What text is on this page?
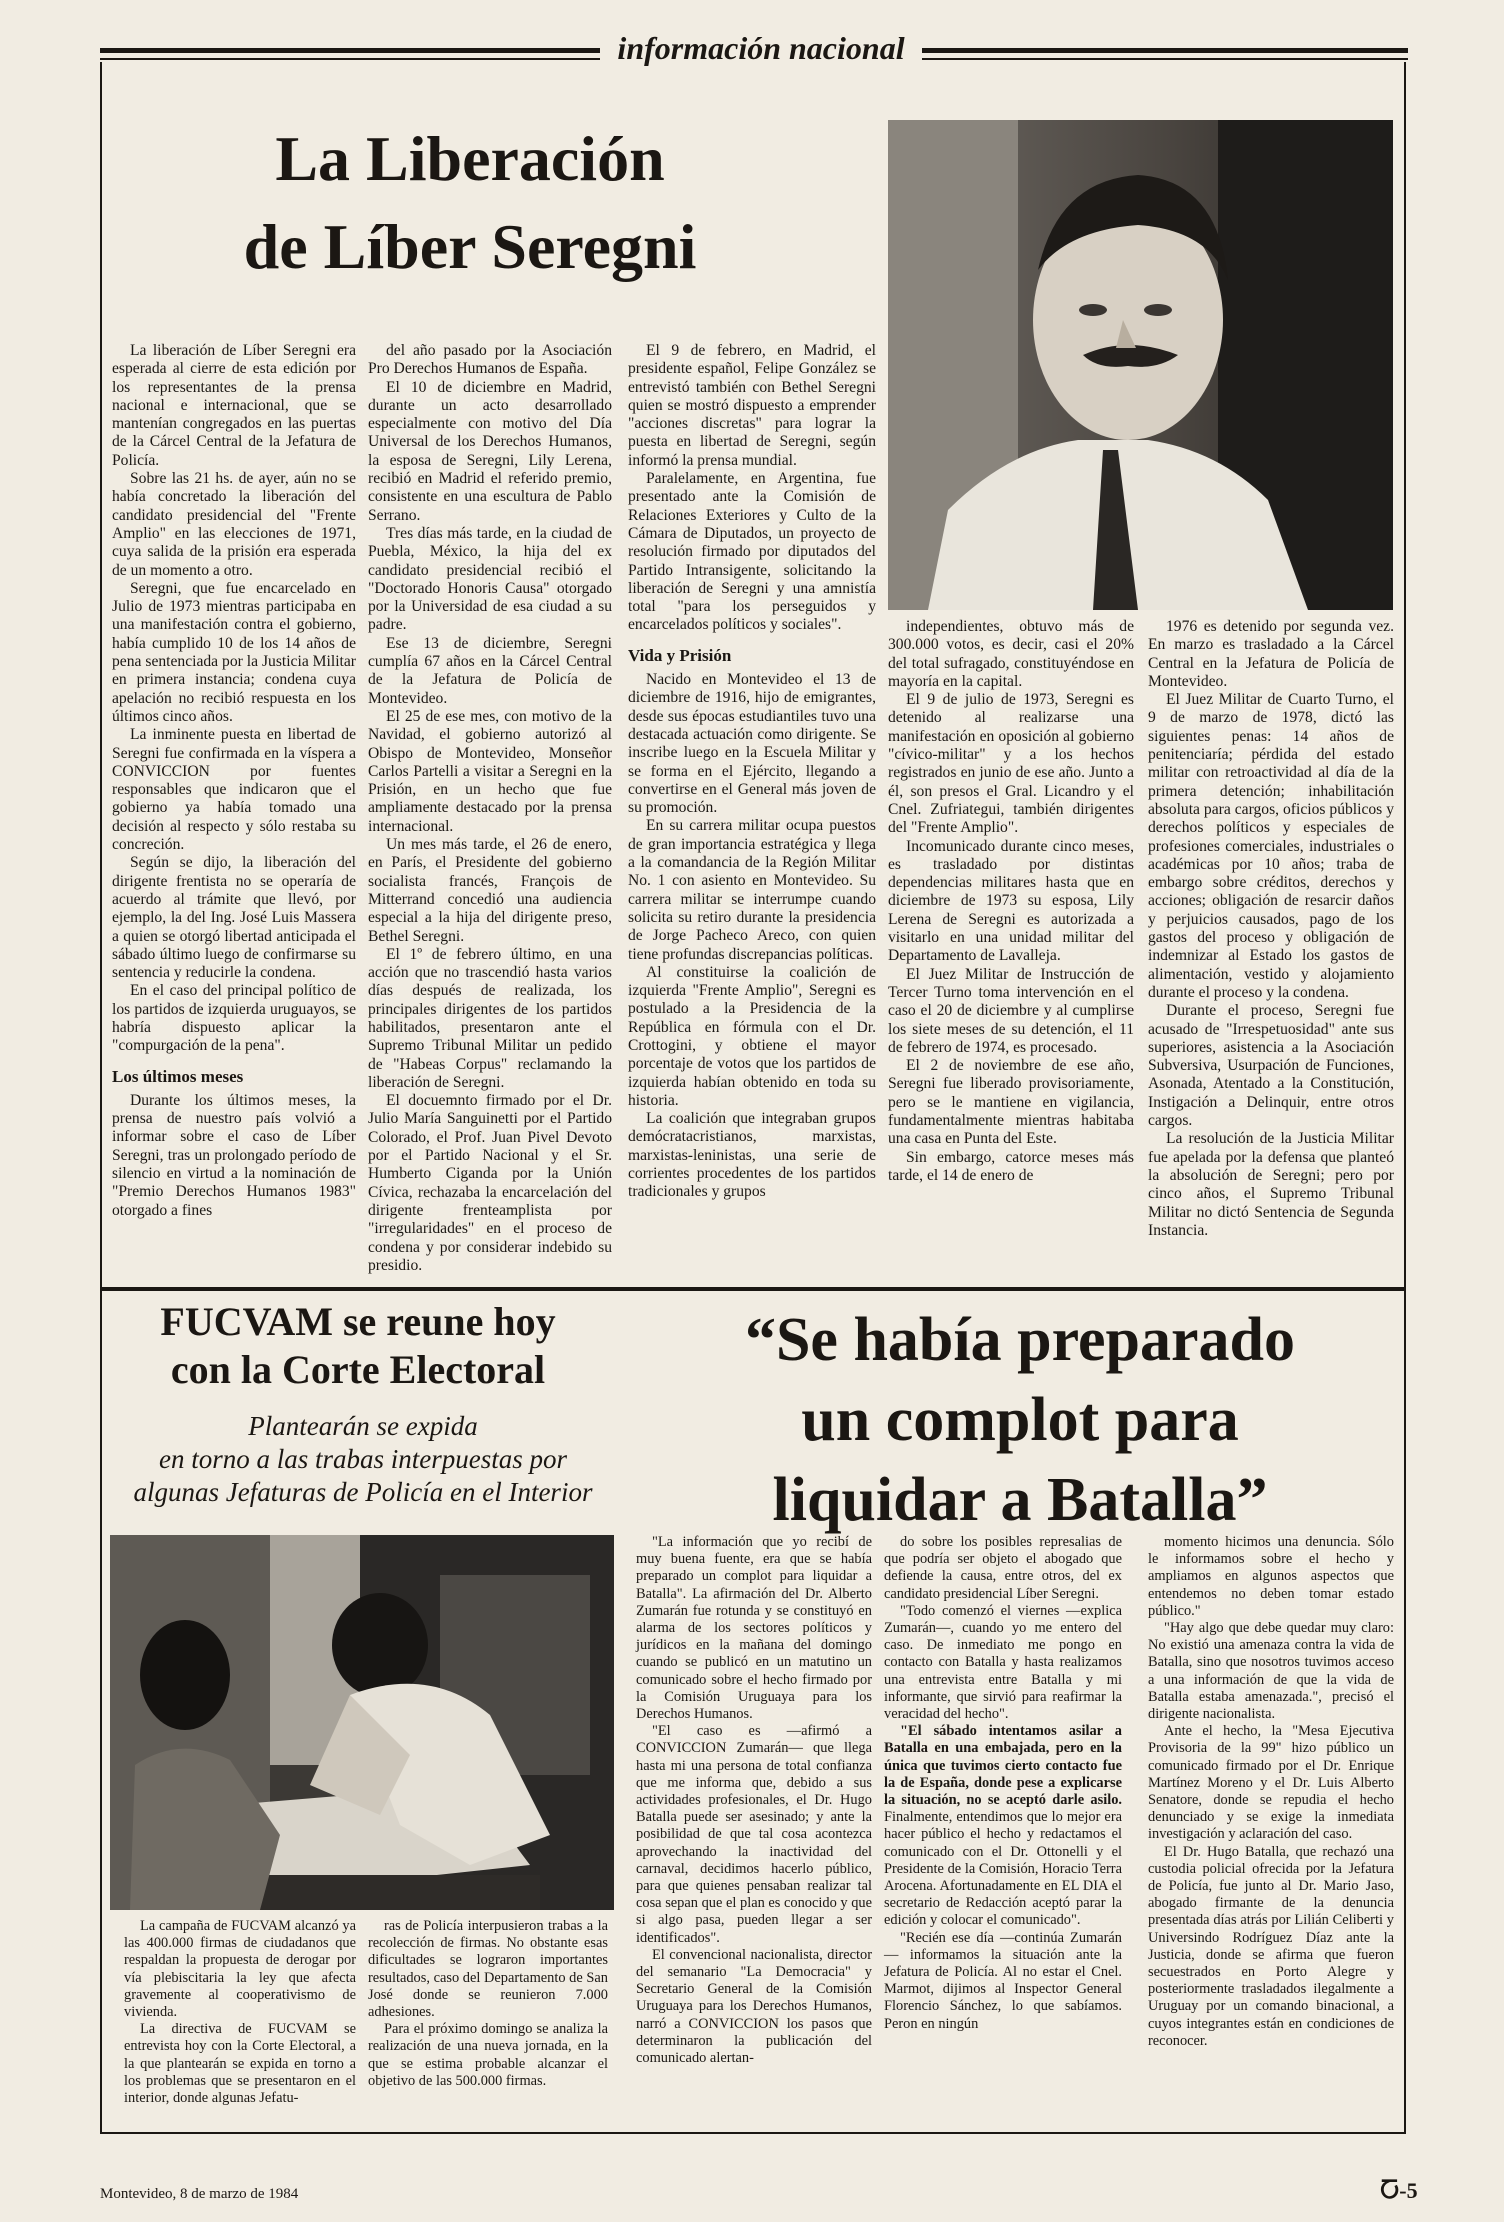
información nacional
La Liberación
de Líber Seregni

La liberación de Líber Seregni era esperada al cierre de esta edición por los representantes de la prensa nacional e internacional, que se mantenían congregados en las puertas de la Cárcel Central de la Jefatura de Policía.

Sobre las 21 hs. de ayer, aún no se había concretado la liberación del candidato presidencial del "Frente Amplio" en las elecciones de 1971, cuya salida de la prisión era esperada de un momento a otro.

Seregni, que fue encarcelado en Julio de 1973 mientras participaba en una manifestación contra el gobierno, había cumplido 10 de los 14 años de pena sentenciada por la Justicia Militar en primera instancia; condena cuya apelación no recibió respuesta en los últimos cinco años.

La inminente puesta en libertad de Seregni fue confirmada en la víspera a CONVICCION por fuentes responsables que indicaron que el gobierno ya había tomado una decisión al respecto y sólo restaba su concreción.

Según se dijo, la liberación del dirigente frentista no se operaría de acuerdo al trámite que llevó, por ejemplo, la del Ing. José Luis Massera a quien se otorgó libertad anticipada el sábado último luego de confirmarse su sentencia y reducirle la condena.

En el caso del principal político de los partidos de izquierda uruguayos, se habría dispuesto aplicar la "compurgación de la pena".

Los últimos meses

Durante los últimos meses, la prensa de nuestro país volvió a informar sobre el caso de Líber Seregni, tras un prolongado período de silencio en virtud a la nominación de "Premio Derechos Humanos 1983" otorgado a fines

del año pasado por la Asociación Pro Derechos Humanos de España.

El 10 de diciembre en Madrid, durante un acto desarrollado especialmente con motivo del Día Universal de los Derechos Humanos, la esposa de Seregni, Lily Lerena, recibió en Madrid el referido premio, consistente en una escultura de Pablo Serrano.

Tres días más tarde, en la ciudad de Puebla, México, la hija del ex candidato presidencial recibió el "Doctorado Honoris Causa" otorgado por la Universidad de esa ciudad a su padre.

Ese 13 de diciembre, Seregni cumplía 67 años en la Cárcel Central de la Jefatura de Policía de Montevideo.

El 25 de ese mes, con motivo de la Navidad, el gobierno autorizó al Obispo de Montevideo, Monseñor Carlos Partelli a visitar a Seregni en la Prisión, en un hecho que fue ampliamente destacado por la prensa internacional.

Un mes más tarde, el 26 de enero, en París, el Presidente del gobierno socialista francés, François de Mitterrand concedió una audiencia especial a la hija del dirigente preso, Bethel Seregni.

El 1º de febrero último, en una acción que no trascendió hasta varios días después de realizada, los principales dirigentes de los partidos habilitados, presentaron ante el Supremo Tribunal Militar un pedido de "Habeas Corpus" reclamando la liberación de Seregni.

El docuemnto firmado por el Dr. Julio María Sanguinetti por el Partido Colorado, el Prof. Juan Pivel Devoto por el Partido Nacional y el Sr. Humberto Ciganda por la Unión Cívica, rechazaba la encarcelación del dirigente frenteamplista por "irregularidades" en el proceso de condena y por considerar indebido su presidio.

El 9 de febrero, en Madrid, el presidente español, Felipe González se entrevistó también con Bethel Seregni quien se mostró dispuesto a emprender "acciones discretas" para lograr la puesta en libertad de Seregni, según informó la prensa mundial.

Paralelamente, en Argentina, fue presentado ante la Comisión de Relaciones Exteriores y Culto de la Cámara de Diputados, un proyecto de resolución firmado por diputados del Partido Intransigente, solicitando la liberación de Seregni y una amnistía total "para los perseguidos y encarcelados políticos y sociales".

Vida y Prisión

Nacido en Montevideo el 13 de diciembre de 1916, hijo de emigrantes, desde sus épocas estudiantiles tuvo una destacada actuación como dirigente. Se inscribe luego en la Escuela Militar y se forma en el Ejército, llegando a convertirse en el General más joven de su promoción.

En su carrera militar ocupa puestos de gran importancia estratégica y llega a la comandancia de la Región Militar No. 1 con asiento en Montevideo. Su carrera militar se interrumpe cuando solicita su retiro durante la presidencia de Jorge Pacheco Areco, con quien tiene profundas discrepancias políticas.

Al constituirse la coalición de izquierda "Frente Amplio", Seregni es postulado a la Presidencia de la República en fórmula con el Dr. Crottogini, y obtiene el mayor porcentaje de votos que los partidos de izquierda habían obtenido en toda su historia.

La coalición que integraban grupos demócratacristianos, marxistas, marxistas-leninistas, una serie de corrientes procedentes de los partidos tradicionales y grupos

independientes, obtuvo más de 300.000 votos, es decir, casi el 20% del total sufragado, constituyéndose en mayoría en la capital.

El 9 de julio de 1973, Seregni es detenido al realizarse una manifestación en oposición al gobierno "cívico-militar" y a los hechos registrados en junio de ese año. Junto a él, son presos el Gral. Licandro y el Cnel. Zufriategui, también dirigentes del "Frente Amplio".

Incomunicado durante cinco meses, es trasladado por distintas dependencias militares hasta que en diciembre de 1973 su esposa, Lily Lerena de Seregni es autorizada a visitarlo en una unidad militar del Departamento de Lavalleja.

El Juez Militar de Instrucción de Tercer Turno toma intervención en el caso el 20 de diciembre y al cumplirse los siete meses de su detención, el 11 de febrero de 1974, es procesado.

El 2 de noviembre de ese año, Seregni fue liberado provisoriamente, pero se le mantiene en vigilancia, fundamentalmente mientras habitaba una casa en Punta del Este.

Sin embargo, catorce meses más tarde, el 14 de enero de

1976 es detenido por segunda vez. En marzo es trasladado a la Cárcel Central en la Jefatura de Policía de Montevideo.

El Juez Militar de Cuarto Turno, el 9 de marzo de 1978, dictó las siguientes penas: 14 años de penitenciaría; pérdida del estado militar con retroactividad al día de la primera detención; inhabilitación absoluta para cargos, oficios públicos y derechos políticos y especiales de profesiones comerciales, industriales o académicas por 10 años; traba de embargo sobre créditos, derechos y acciones; obligación de resarcir daños y perjuicios causados, pago de los gastos del proceso y obligación de indemnizar al Estado los gastos de alimentación, vestido y alojamiento durante el proceso y la condena.

Durante el proceso, Seregni fue acusado de "Irrespetuosidad" ante sus superiores, asistencia a la Asociación Subversiva, Usurpación de Funciones, Asonada, Atentado a la Constitución, Instigación a Delinquir, entre otros cargos.

La resolución de la Justicia Militar fue apelada por la defensa que planteó la absolución de Seregni; pero por cinco años, el Supremo Tribunal Militar no dictó Sentencia de Segunda Instancia.

FUCVAM se reune hoy
con la Corte Electoral
Plantearán se expida
en torno a las trabas interpuestas por
algunas Jefaturas de Policía en el Interior

La campaña de FUCVAM alcanzó ya las 400.000 firmas de ciudadanos que respaldan la propuesta de derogar por vía plebiscitaria la ley que afecta gravemente al cooperativismo de vivienda.

La directiva de FUCVAM se entrevista hoy con la Corte Electoral, a la que plantearán se expida en torno a los problemas que se presentaron en el interior, donde algunas Jefatu-

ras de Policía interpusieron trabas a la recolección de firmas. No obstante esas dificultades se lograron importantes resultados, caso del Departamento de San José donde se reunieron 7.000 adhesiones.

Para el próximo domingo se analiza la realización de una nueva jornada, en la que se estima probable alcanzar el objetivo de las 500.000 firmas.

“Se había preparado
un complot para
liquidar a Batalla”

"La información que yo recibí de muy buena fuente, era que se había preparado un complot para liquidar a Batalla". La afirmación del Dr. Alberto Zumarán fue rotunda y se constituyó en alarma de los sectores políticos y jurídicos en la mañana del domingo cuando se publicó en un matutino un comunicado sobre el hecho firmado por la Comisión Uruguaya para los Derechos Humanos.

"El caso es —afirmó a CONVICCION Zumarán— que llega hasta mi una persona de total confianza que me informa que, debido a sus actividades profesionales, el Dr. Hugo Batalla puede ser asesinado; y ante la posibilidad de que tal cosa acontezca aprovechando la inactividad del carnaval, decidimos hacerlo público, para que quienes pensaban realizar tal cosa sepan que el plan es conocido y que si algo pasa, pueden llegar a ser identificados".

El convencional nacionalista, director del semanario "La Democracia" y Secretario General de la Comisión Uruguaya para los Derechos Humanos, narró a CONVICCION los pasos que determinaron la publicación del comunicado alertan-

do sobre los posibles represalias de que podría ser objeto el abogado que defiende la causa, entre otros, del ex candidato presidencial Líber Seregni.

"Todo comenzó el viernes —explica Zumarán—, cuando yo me entero del caso. De inmediato me pongo en contacto con Batalla y hasta realizamos una entrevista entre Batalla y mi informante, que sirvió para reafirmar la veracidad del hecho".

"El sábado intentamos asilar a Batalla en una embajada, pero en la única que tuvimos cierto contacto fue la de España, donde pese a explicarse la situación, no se aceptó darle asilo. Finalmente, entendimos que lo mejor era hacer público el hecho y redactamos el comunicado con el Dr. Ottonelli y el Presidente de la Comisión, Horacio Terra Arocena. Afortunadamente en EL DIA el secretario de Redacción aceptó parar la edición y colocar el comunicado".

"Recién ese día —continúa Zumarán— informamos la situación ante la Jefatura de Policía. Al no estar el Cnel. Marmot, dijimos al Inspector General Florencio Sánchez, lo que sabíamos. Peron en ningún

momento hicimos una denuncia. Sólo le informamos sobre el hecho y ampliamos en algunos aspectos que entendemos no deben tomar estado público."

"Hay algo que debe quedar muy claro: No existió una amenaza contra la vida de Batalla, sino que nosotros tuvimos acceso a una información de que la vida de Batalla estaba amenazada.", precisó el dirigente nacionalista.

Ante el hecho, la "Mesa Ejecutiva Provisoria de la 99" hizo público un comunicado firmado por el Dr. Enrique Martínez Moreno y el Dr. Luis Alberto Senatore, donde se repudia el hecho denunciado y se exige la inmediata investigación y aclaración del caso.

El Dr. Hugo Batalla, que rechazó una custodia policial ofrecida por la Jefatura de Policía, fue junto al Dr. Mario Jaso, abogado firmante de la denuncia presentada días atrás por Lilián Celiberti y Universindo Rodríguez Díaz ante la Justicia, donde se afirma que fueron secuestrados en Porto Alegre y posteriormente trasladados ilegalmente a Uruguay por un comando binacional, a cuyos integrantes están en condiciones de reconocer.

Montevideo, 8 de marzo de 1984	Ⴀ-5
